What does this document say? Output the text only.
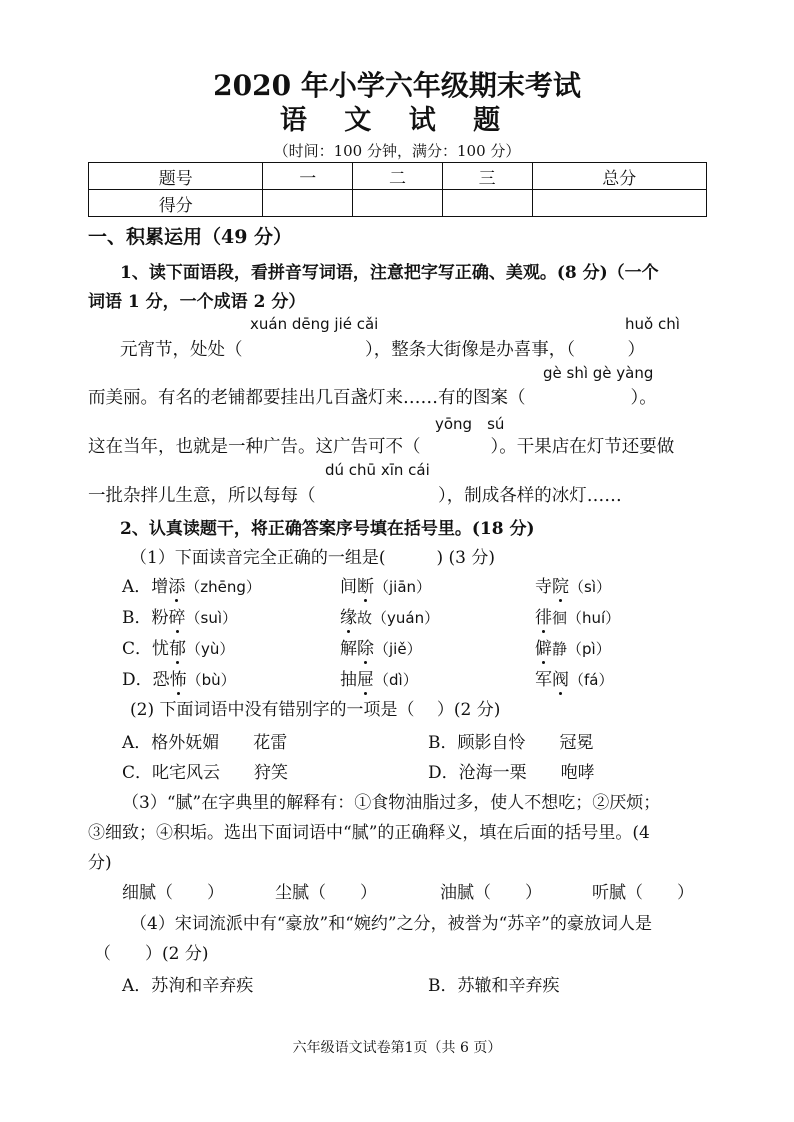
2020 年小学六年级期末考试
语 文 试 题
（时间：100 分钟，满分：100 分）
题号	一	二	三	总分
得分				
一、积累运用（49 分）
1、读下面语段，看拼音写词语，注意把字写正确、美观。(8 分)（一个
词语 1 分，一个成语 2 分）
xuán dēng jié cǎi	huǒ chì
元宵节，处处（　　　　　　　），整条大街像是办喜事，（　　　）
gè shì gè yàng
而美丽。有名的老铺都要挂出几百盏灯来……有的图案（　　　　　　）。
yōng　sú
这在当年，也就是一种广告。这广告可不（　　　　）。干果店在灯节还要做
dú chū xīn cái
一批杂拌儿生意，所以每每（　　　　　　　），制成各样的冰灯……
2、认真读题干，将正确答案序号填在括号里。(18 分)
（1）下面读音完全正确的一组是(　　　) (3 分)
A．增添（zhēng）	间断（jiān）	寺院（sì）
B．粉碎（suì）	缘故（yuán）	徘徊（huí）
C．忧郁（yù）	解除（jiě）	僻静（pì）
D．恐怖（bù）	抽屉（dì）	军阀（fá）
(2) 下面词语中没有错别字的一项是（　 ）(2 分)
A．格外妩媚　　花雷	B．顾影自怜　　冠冕
C．叱宅风云　　狩笑	D．沧海一栗　　咆哮
（3）“腻”在字典里的解释有：①食物油脂过多，使人不想吃；②厌烦；
③细致；④积垢。选出下面词语中“腻”的正确释义，填在后面的括号里。(4
分)
细腻（　　）	尘腻（　　）	油腻（　　）	听腻（　　）
（4）宋词流派中有“豪放”和“婉约”之分，被誉为“苏辛”的豪放词人是
（　　）(2 分)
A．苏洵和辛弃疾	B．苏辙和辛弃疾
六年级语文试卷第1页（共 6 页）
